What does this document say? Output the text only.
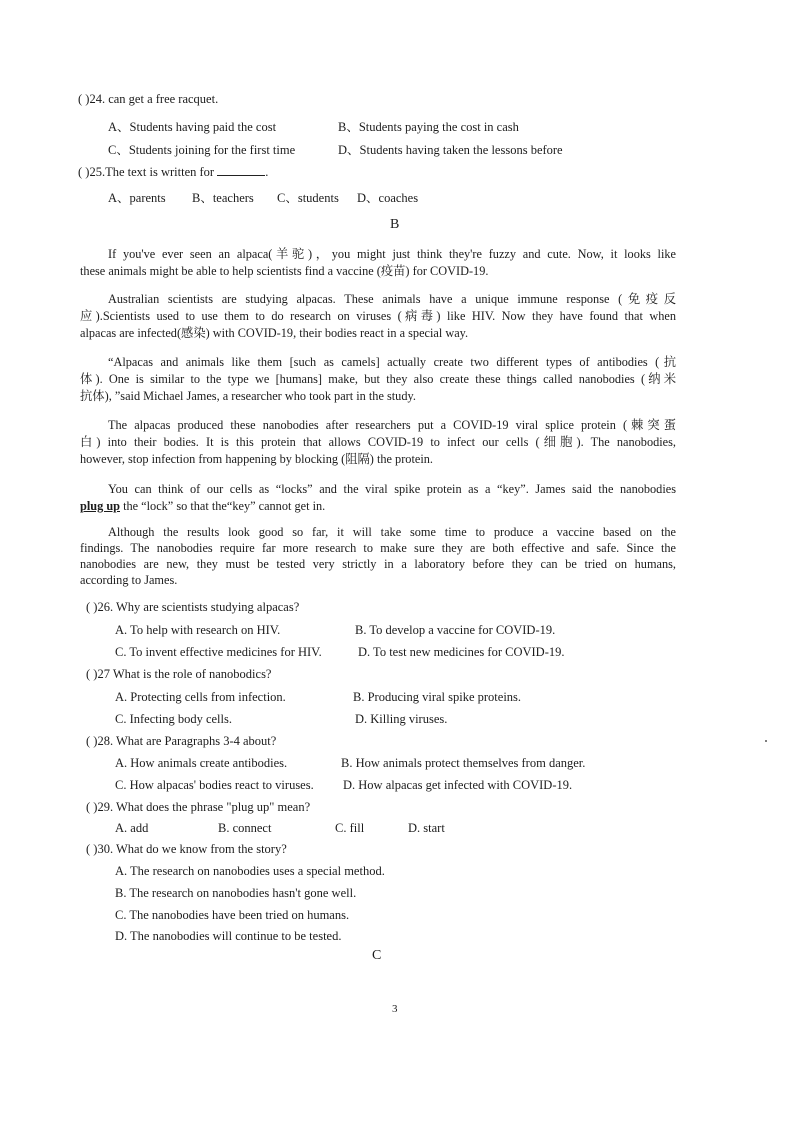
( )24. can get a free racquet.
A、Students having paid the cost	B、Students paying the cost in cash
C、Students joining for the first time	D、Students having taken the lessons before
( )25.The text is written for	.
A、parents B、teachers C、students D、coaches
B
If you've ever seen an alpaca(羊驼)，you might just think they're fuzzy and cute. Now, it looks like
these animals might be able to help scientists find a vaccine (疫苗) for COVID-19.
Australian scientists are studying alpacas. These animals have a unique immune response (免疫反
应).Scientists used to use them to do research on viruses (病毒) like HIV. Now they have found that when
alpacas are infected(感染) with COVID-19, their bodies react in a special way.
“Alpacas and animals like them [such as camels] actually create two different types of antibodies (抗
体). One is similar to the type we [humans] make, but they also create these things called nanobodies (纳米
抗体), ”said Michael James, a researcher who took part in the study.
The alpacas produced these nanobodies after researchers put a COVID-19 viral splice protein (棘突蛋
白) into their bodies. It is this protein that allows COVID-19 to infect our cells (细胞). The nanobodies,
however, stop infection from happening by blocking (阻隔) the protein.
You can think of our cells as “locks” and the viral spike protein as a “key”. James said the nanobodies
plug up the “lock” so that the“key” cannot get in.
Although the results look good so far, it will take some time to produce a vaccine based on the
findings. The nanobodies require far more research to make sure they are both effective and safe. Since the
nanobodies are new, they must be tested very strictly in a laboratory before they can be tried on humans,
according to James.
( )26. Why are scientists studying alpacas?
A. To help with research on HIV.	B. To develop a vaccine for COVID-19.
C. To invent effective medicines for HIV.	D. To test new medicines for COVID-19.
( )27 What is the role of nanobodics?
A. Protecting cells from infection.	B. Producing viral spike proteins.
C. Infecting body cells.	D. Killing viruses.
( )28. What are Paragraphs 3-4 about?
A. How animals create antibodies.	B. How animals protect themselves from danger.
C. How alpacas' bodies react to viruses. D. How alpacas get infected with COVID-19.
( )29. What does the phrase "plug up" mean?
A. add	B. connect	C. fill	D. start
( )30. What do we know from the story?
A. The research on nanobodies uses a special method.
B. The research on nanobodies hasn't gone well.
C. The nanobodies have been tried on humans.
D. The nanobodies will continue to be tested.
C
3
